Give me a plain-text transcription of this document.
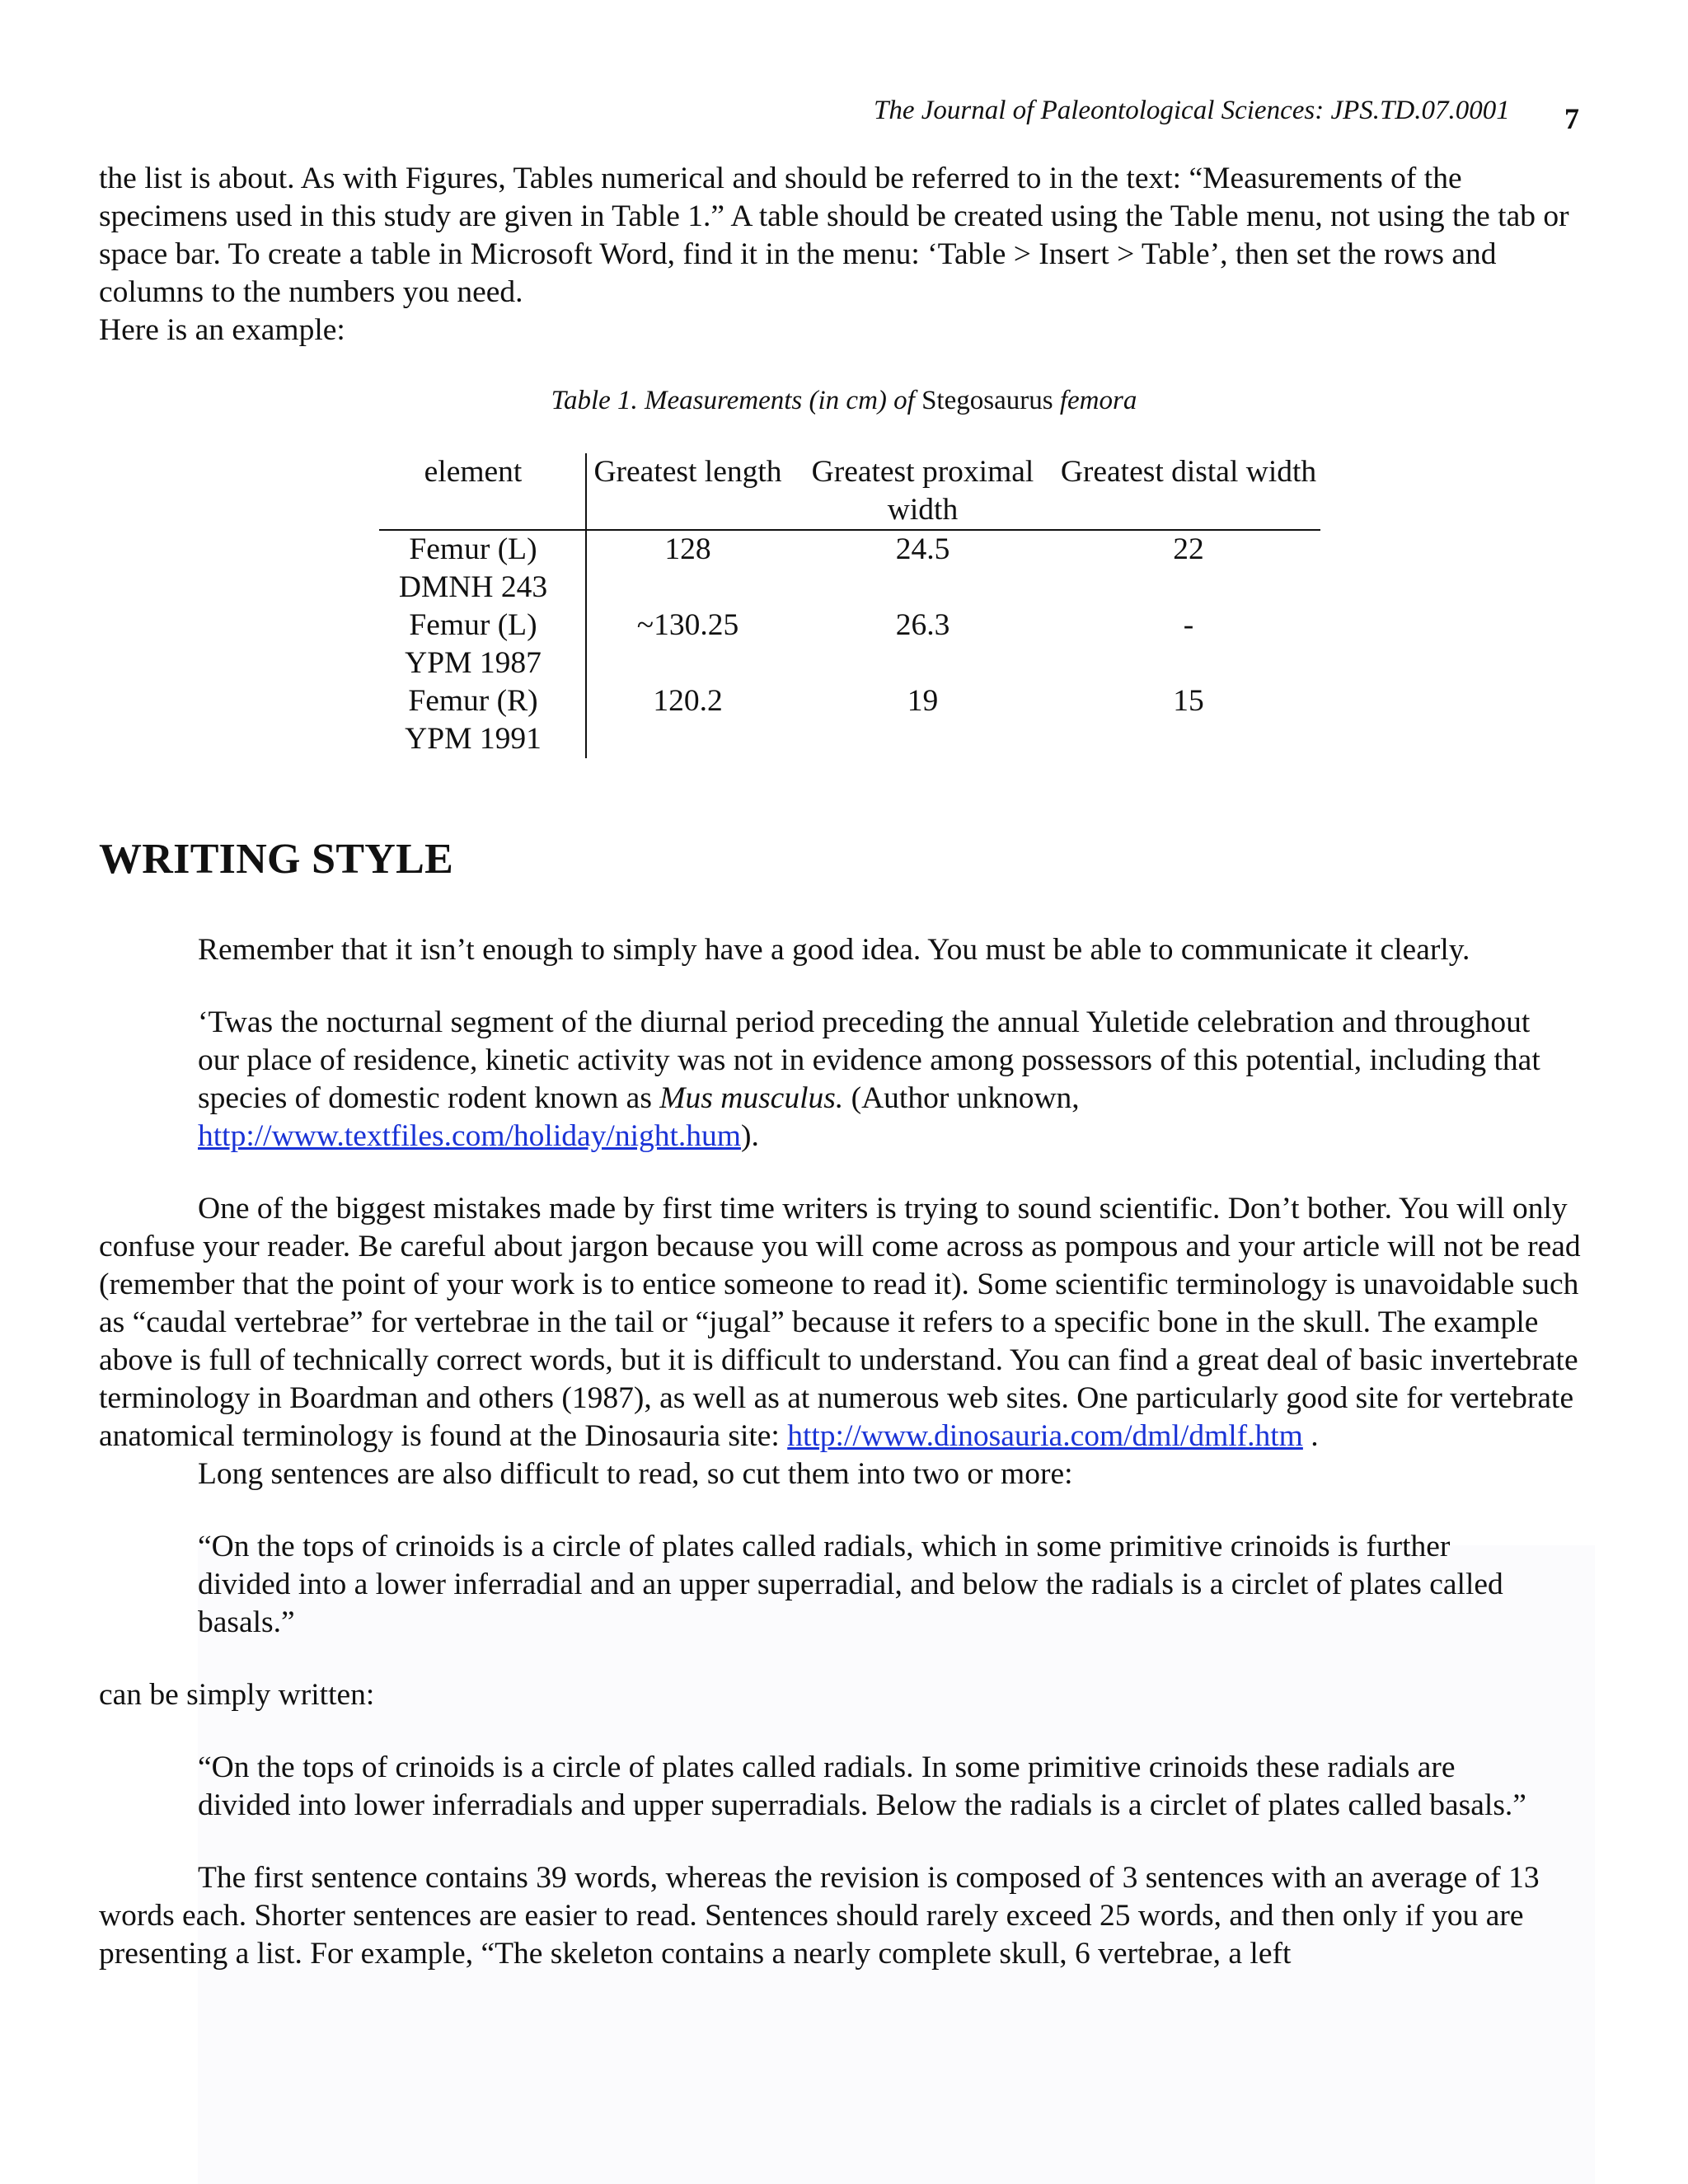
The Journal of Paleontological Sciences: JPS.TD.07.0001	7

the list is about. As with Figures, Tables numerical and should be referred to in the text: “Measurements of the specimens used in this study are given in Table 1.” A table should be created using the Table menu, not using the tab or space bar. To create a table in Microsoft Word, find it in the menu: ‘Table > Insert > Table’, then set the rows and columns to the numbers you need.

Here is an example:

Table 1. Measurements (in cm) of Stegosaurus femora
element	Greatest length	Greatest proximal width	Greatest distal width
Femur (L) DMNH 243	128	24.5	22
Femur (L) YPM 1987	~130.25	26.3	-
Femur (R) YPM 1991	120.2	19	15
WRITING STYLE

Remember that it isn’t enough to simply have a good idea. You must be able to communicate it clearly.

‘Twas the nocturnal segment of the diurnal period preceding the annual Yuletide celebration and throughout our place of residence, kinetic activity was not in evidence among possessors of this potential, including that species of domestic rodent known as Mus musculus. (Author unknown, http://www.textfiles.com/holiday/night.hum).

One of the biggest mistakes made by first time writers is trying to sound scientific. Don’t bother. You will only confuse your reader. Be careful about jargon because you will come across as pompous and your article will not be read (remember that the point of your work is to entice someone to read it). Some scientific terminology is unavoidable such as “caudal vertebrae” for vertebrae in the tail or “jugal” because it refers to a specific bone in the skull. The example above is full of technically correct words, but it is difficult to understand. You can find a great deal of basic invertebrate terminology in Boardman and others (1987), as well as at numerous web sites. One particularly good site for vertebrate anatomical terminology is found at the Dinosauria site: http://www.dinosauria.com/dml/dmlf.htm .

Long sentences are also difficult to read, so cut them into two or more:

“On the tops of crinoids is a circle of plates called radials, which in some primitive crinoids is further divided into a lower inferradial and an upper superradial, and below the radials is a circlet of plates called basals.”

can be simply written:

“On the tops of crinoids is a circle of plates called radials. In some primitive crinoids these radials are divided into lower inferradials and upper superradials. Below the radials is a circlet of plates called basals.”

The first sentence contains 39 words, whereas the revision is composed of 3 sentences with an average of 13 words each. Shorter sentences are easier to read. Sentences should rarely exceed 25 words, and then only if you are presenting a list. For example, “The skeleton contains a nearly complete skull, 6 vertebrae, a left
